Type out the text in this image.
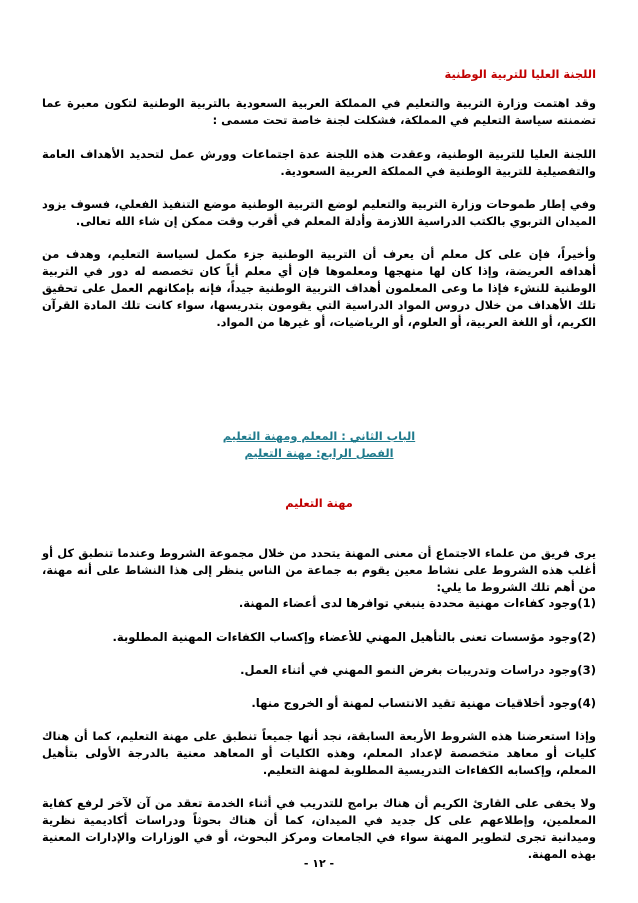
اللجنة العليا للتربية الوطنية
وقد اهتمت وزارة التربية والتعليم في المملكة العربية السعودية بالتربية الوطنية لتكون معبرة عما تضمنته سياسة التعليم في المملكة، فشكلت لجنة خاصة تحت مسمى :
اللجنة العليا للتربية الوطنية، وعقدت هذه اللجنة عدة اجتماعات وورش عمل لتحديد الأهداف العامة والتفصيلية للتربية الوطنية في المملكة العربية السعودية.
وفي إطار طموحات وزارة التربية والتعليم لوضع التربية الوطنية موضع التنفيذ الفعلي، فسوف يزود الميدان التربوي بالكتب الدراسية اللازمة وأدلة المعلم في أقرب وقت ممكن إن شاء الله تعالى.
وأخيراً، فإن على كل معلم أن يعرف أن التربية الوطنية جزء مكمل لسياسة التعليم، وهدف من أهدافه العريضة، وإذا كان لها منهجها ومعلموها فإن أي معلم أياً كان تخصصه له دور في التربية الوطنية للنشء فإذا ما وعى المعلمون أهداف التربية الوطنية جيداً، فإنه بإمكانهم العمل على تحقيق تلك الأهداف من خلال دروس المواد الدراسية التي يقومون بتدريسها، سواء كانت تلك المادة القرآن الكريم، أو اللغة العربية، أو العلوم، أو الرياضيات، أو غيرها من المواد.
الباب الثاني : المعلم ومهنة التعليم
الفصل الرابع: مهنة التعليم
مهنة التعليم
يرى فريق من علماء الاجتماع أن معنى المهنة يتحدد من خلال مجموعة الشروط وعندما تنطبق كل أو أغلب هذه الشروط على نشاط معين يقوم به جماعة من الناس ينظر إلى هذا النشاط على أنه مهنة، من أهم تلك الشروط ما يلي:
(1)وجود كفاءات مهنية محددة ينبغي توافرها لدى أعضاء المهنة.
(2)وجود مؤسسات تعنى بالتأهيل المهني للأعضاء وإكساب الكفاءات المهنية المطلوبة.
(3)وجود دراسات وتدريبات بغرض النمو المهني في أثناء العمل.
(4)وجود أخلاقيات مهنية تقيد الانتساب لمهنة أو الخروج منها.
وإذا استعرضنا هذه الشروط الأربعة السابقة، نجد أنها جميعاً تنطبق على مهنة التعليم، كما أن هناك كليات أو معاهد متخصصة لإعداد المعلم، وهذه الكليات أو المعاهد معنية بالدرجة الأولى بتأهيل المعلم، وإكسابه الكفاءات التدريسية المطلوبة لمهنة التعليم.
ولا يخفى على القارئ الكريم أن هناك برامج للتدريب في أثناء الخدمة تعقد من آن لآخر لرفع كفاية المعلمين، وإطلاعهم على كل جديد في الميدان، كما أن هناك بحوثاً ودراسات أكاديمية نظرية وميدانية تجرى لتطوير المهنة سواء في الجامعات ومركز البحوث، أو في الوزارات والإدارات المعنية بهذه المهنة.
- ١٢ -
